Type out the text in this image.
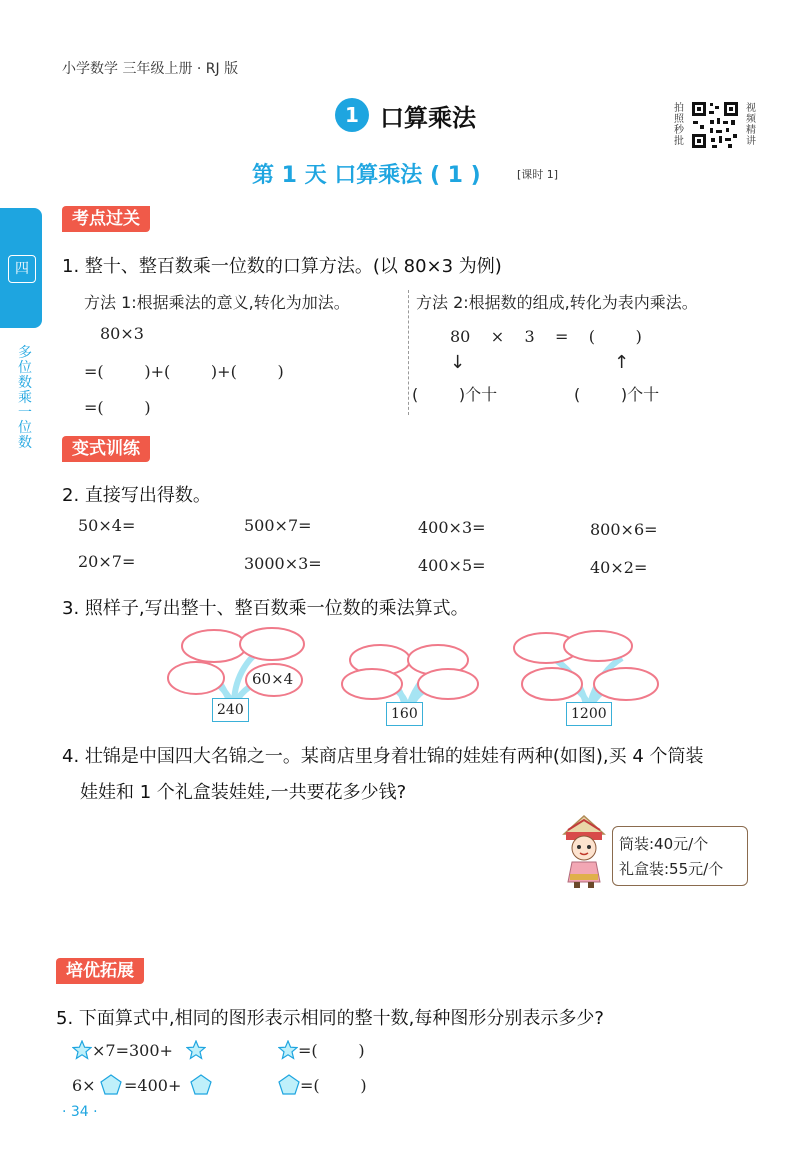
小学数学 三年级上册 · RJ 版
1 口算乘法	拍照秒批
视频精讲
第 1 天 口算乘法 ( 1 )	[课时 1]
四
多位数乘一位数
考点过关
1. 整十、整百数乘一位数的口算方法。(以 80×3 为例)
方法 1:根据乘法的意义,转化为加法。
80×3
=(        )+(        )+(        )
=(        )
方法 2:根据数的组成,转化为表内乘法。
80    ×    3    =    (        )
↓	↑
(        )个十	(        )个十
变式训练
2. 直接写出得数。
50×4=	500×7=	400×3=	800×6=
20×7=	3000×3=	400×5=	40×2=
3. 照样子,写出整十、整百数乘一位数的乘法算式。
60×4
240	160	1200
4. 壮锦是中国四大名锦之一。某商店里身着壮锦的娃娃有两种(如图),买 4 个筒装
娃娃和 1 个礼盒装娃娃,一共要花多少钱?
筒装:40元/个
礼盒装:55元/个
培优拓展
5. 下面算式中,相同的图形表示相同的整十数,每种图形分别表示多少?
×7=300+	=(        )
6× =400+	=(        )
· 34 ·
